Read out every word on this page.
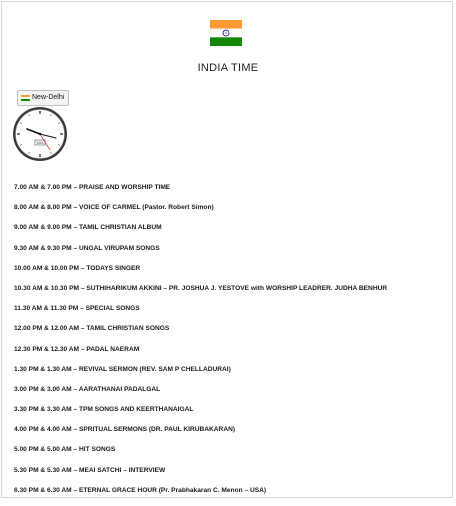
INDIA TIME
New-Delhi
XXX
7.00 AM & 7.00 PM – PRAISE AND WORSHIP TIME
8.00 AM & 8.00 PM – VOICE OF CARMEL (Pastor. Robert Simon)
9.00 AM & 9.00 PM – TAMIL CHRISTIAN ALBUM
9.30 AM & 9.30 PM – UNGAL VIRUPAM SONGS
10.00 AM & 10.00 PM – TODAYS SINGER
10.30 AM & 10.30 PM – SUTHIHARIKUM AKKINI – PR. JOSHUA J. YESTOVE with WORSHIP LEADRER. JUDHA BENHUR
11.30 AM & 11.30 PM – SPECIAL SONGS
12.00 PM & 12.00 AM – TAMIL CHRISTIAN SONGS
12.30 PM & 12.30 AM – PADAL NAERAM
1.30 PM & 1.30 AM – REVIVAL SERMON (REV. SAM P CHELLADURAI)
3.00 PM & 3.00 AM – AARATHANAI PADALGAL
3.30 PM & 3.30 AM – TPM SONGS AND KEERTHANAIGAL
4.00 PM & 4.00 AM – SPRITUAL SERMONS (DR. PAUL KIRUBAKARAN)
5.00 PM & 5.00 AM – HIT SONGS
5.30 PM & 5.30 AM – MEAI SATCHI – INTERVIEW
6.30 PM & 6.30 AM – ETERNAL GRACE HOUR (Pr. Prabhakaran C. Menon – USA)
